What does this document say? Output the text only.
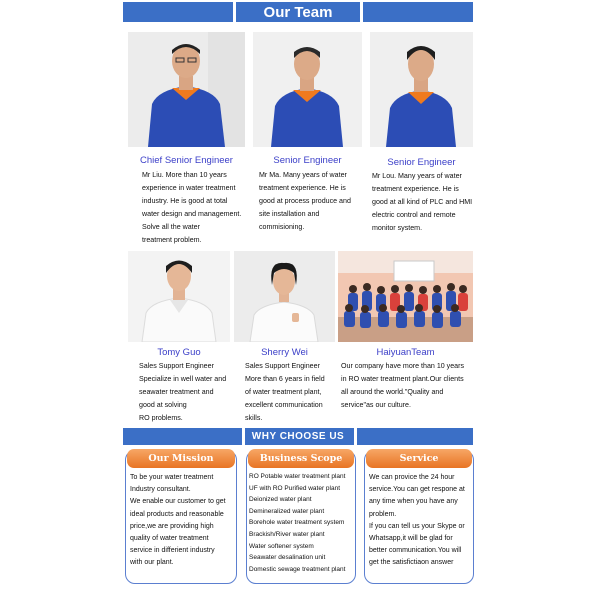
Our Team
Chief Senior Engineer	Senior Engineer	Senior Engineer
Mr Liu. More than 10 years
experience in water treatment
industry. He is good at total
water design and management.
Solve all the water
treatment problem.
Mr Ma. Many years of water
treatment experience. He is
good at process produce and
site installation and
commisioning.
Mr Lou. Many years of water
treatment experience. He is
good at all kind of PLC and HMI
electric control and remote
monitor system.
Tomy Guo	Sherry Wei	HaiyuanTeam
Sales Support Engineer
Specialize in well water and
seawater treatment and
good at solving
RO problems.
Sales Support Engineer
More than 6 years in field
of water treatment plant,
excellent communication
skills.
Our company have more than 10 years
in RO water treatment plant.Our clients
all around the world."Quality and
service"as our culture.
WHY CHOOSE US
Our Mission
To be your water treatment
Industry consultant.
We enable our customer to get
ideal products and reasonable
price,we are providing high
quality of water treatment
service in differient industry
with our plant.
Business Scope
RO Potable water treatment plant
UF with RO Purified water plant
Deionized water plant
Demineralized water plant
Borehole water treatment system
Brackish/River water plant
Water softener system
Seawater desalination unit
Domestic sewage treatment plant
Service
We can provice the 24 hour
service.You can get respone at
any time when you have any
problem.
If you can tell us your Skype or
Whatsapp,it will be glad for
better communication.You will
get the satisfictiaon answer
